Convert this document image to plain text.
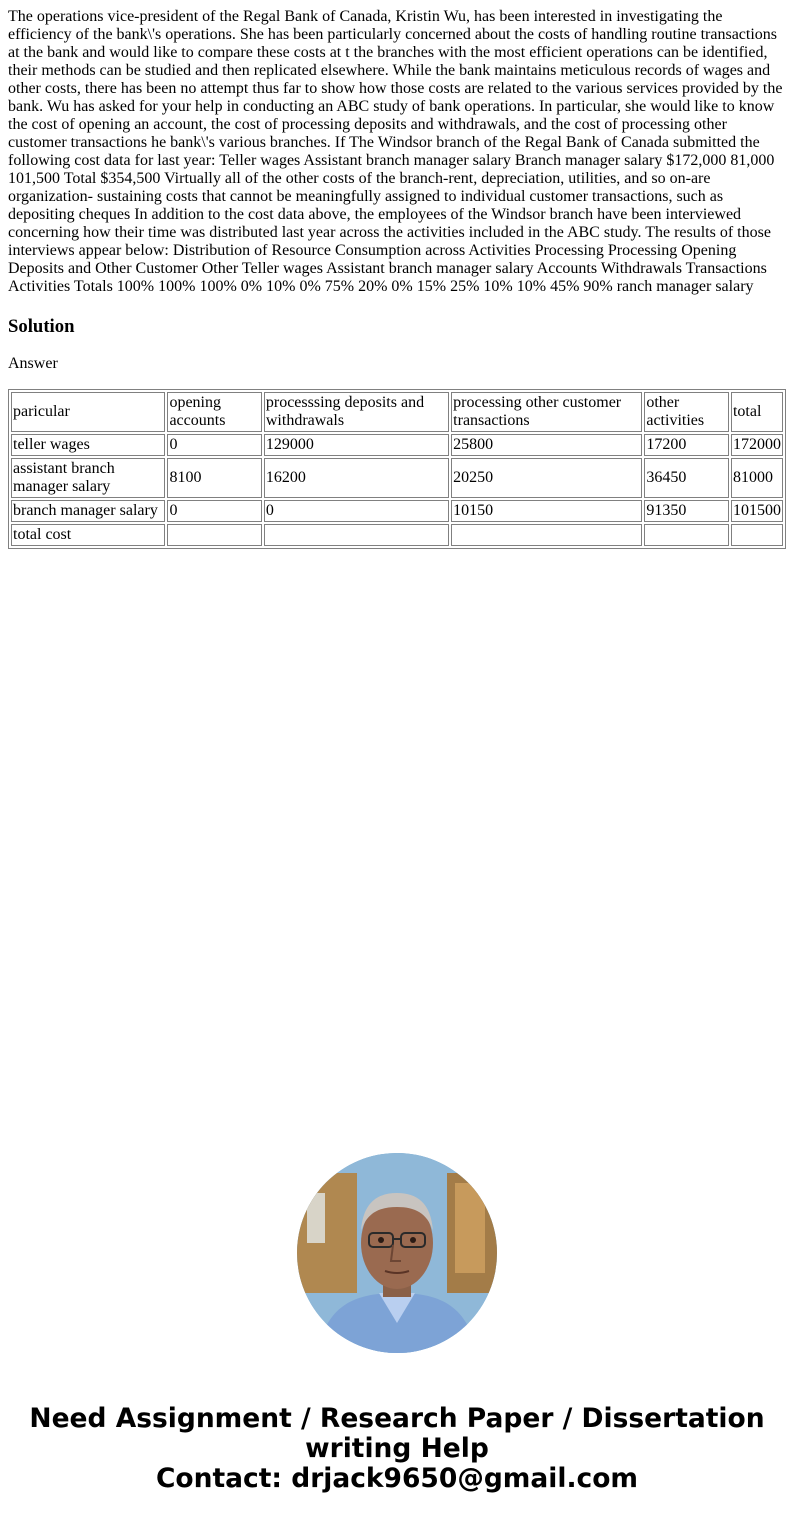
The operations vice-president of the Regal Bank of Canada, Kristin Wu, has been interested in investigating the efficiency of the bank\'s operations. She has been particularly concerned about the costs of handling routine transactions at the bank and would like to compare these costs at t the branches with the most efficient operations can be identified, their methods can be studied and then replicated elsewhere. While the bank maintains meticulous records of wages and other costs, there has been no attempt thus far to show how those costs are related to the various services provided by the bank. Wu has asked for your help in conducting an ABC study of bank operations. In particular, she would like to know the cost of opening an account, the cost of processing deposits and withdrawals, and the cost of processing other customer transactions he bank\'s various branches. If The Windsor branch of the Regal Bank of Canada submitted the following cost data for last year: Teller wages Assistant branch manager salary Branch manager salary $172,000 81,000 101,500 Total $354,500 Virtually all of the other costs of the branch-rent, depreciation, utilities, and so on-are organization- sustaining costs that cannot be meaningfully assigned to individual customer transactions, such as depositing cheques In addition to the cost data above, the employees of the Windsor branch have been interviewed concerning how their time was distributed last year across the activities included in the ABC study. The results of those interviews appear below: Distribution of Resource Consumption across Activities Processing Processing Opening Deposits and Other Customer Other Teller wages Assistant branch manager salary Accounts Withdrawals Transactions Activities Totals 100% 100% 100% 0% 10% 0% 75% 20% 0% 15% 25% 10% 10% 45% 90% ranch manager salary

Solution

Answer

paricular	opening accounts	processsing deposits and withdrawals	processing other customer transactions	other activities	total
teller wages	0	129000	25800	17200	172000
assistant branch manager salary	8100	16200	20250	36450	81000
branch manager salary	0	0	10150	91350	101500
total cost					

Need Assignment / Research Paper / Dissertation
writing Help
Contact: drjack9650@gmail.com
